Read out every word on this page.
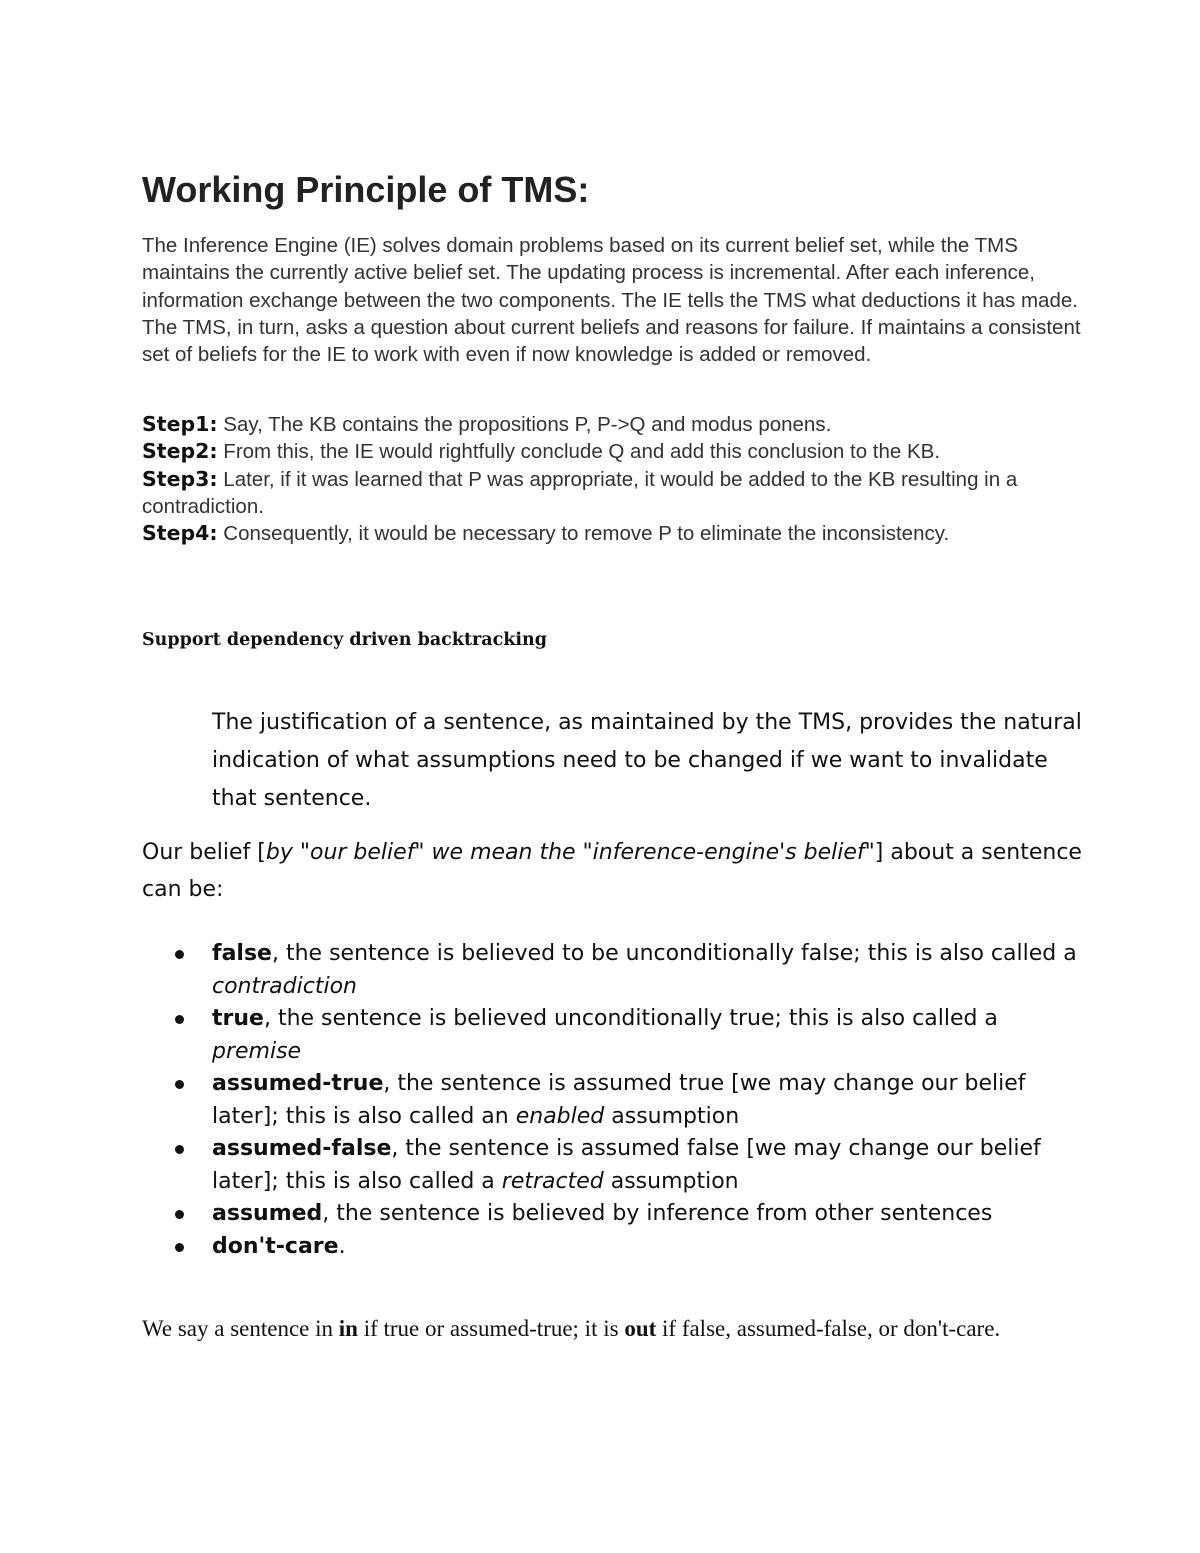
Working Principle of TMS:

The Inference Engine (IE) solves domain problems based on its current belief set, while the TMS maintains the currently active belief set. The updating process is incremental. After each inference, information exchange between the two components. The IE tells the TMS what deductions it has made. The TMS, in turn, asks a question about current beliefs and reasons for failure. If maintains a consistent set of beliefs for the IE to work with even if now knowledge is added or removed.

Step1: Say, The KB contains the propositions P, P->Q and modus ponens.
Step2: From this, the IE would rightfully conclude Q and add this conclusion to the KB.
Step3: Later, if it was learned that P was appropriate, it would be added to the KB resulting in a contradiction.
Step4: Consequently, it would be necessary to remove P to eliminate the inconsistency.
Support dependency driven backtracking

The justification of a sentence, as maintained by the TMS, provides the natural indication of what assumptions need to be changed if we want to invalidate that sentence.

Our belief [by "our belief" we mean the "inference-engine's belief"] about a sentence can be:

false, the sentence is believed to be unconditionally false; this is also called a contradiction
true, the sentence is believed unconditionally true; this is also called a premise
assumed-true, the sentence is assumed true [we may change our belief later]; this is also called an enabled assumption
assumed-false, the sentence is assumed false [we may change our belief later]; this is also called a retracted assumption
assumed, the sentence is believed by inference from other sentences
don't-care.

We say a sentence in in if true or assumed-true; it is out if false, assumed-false, or don't-care.
